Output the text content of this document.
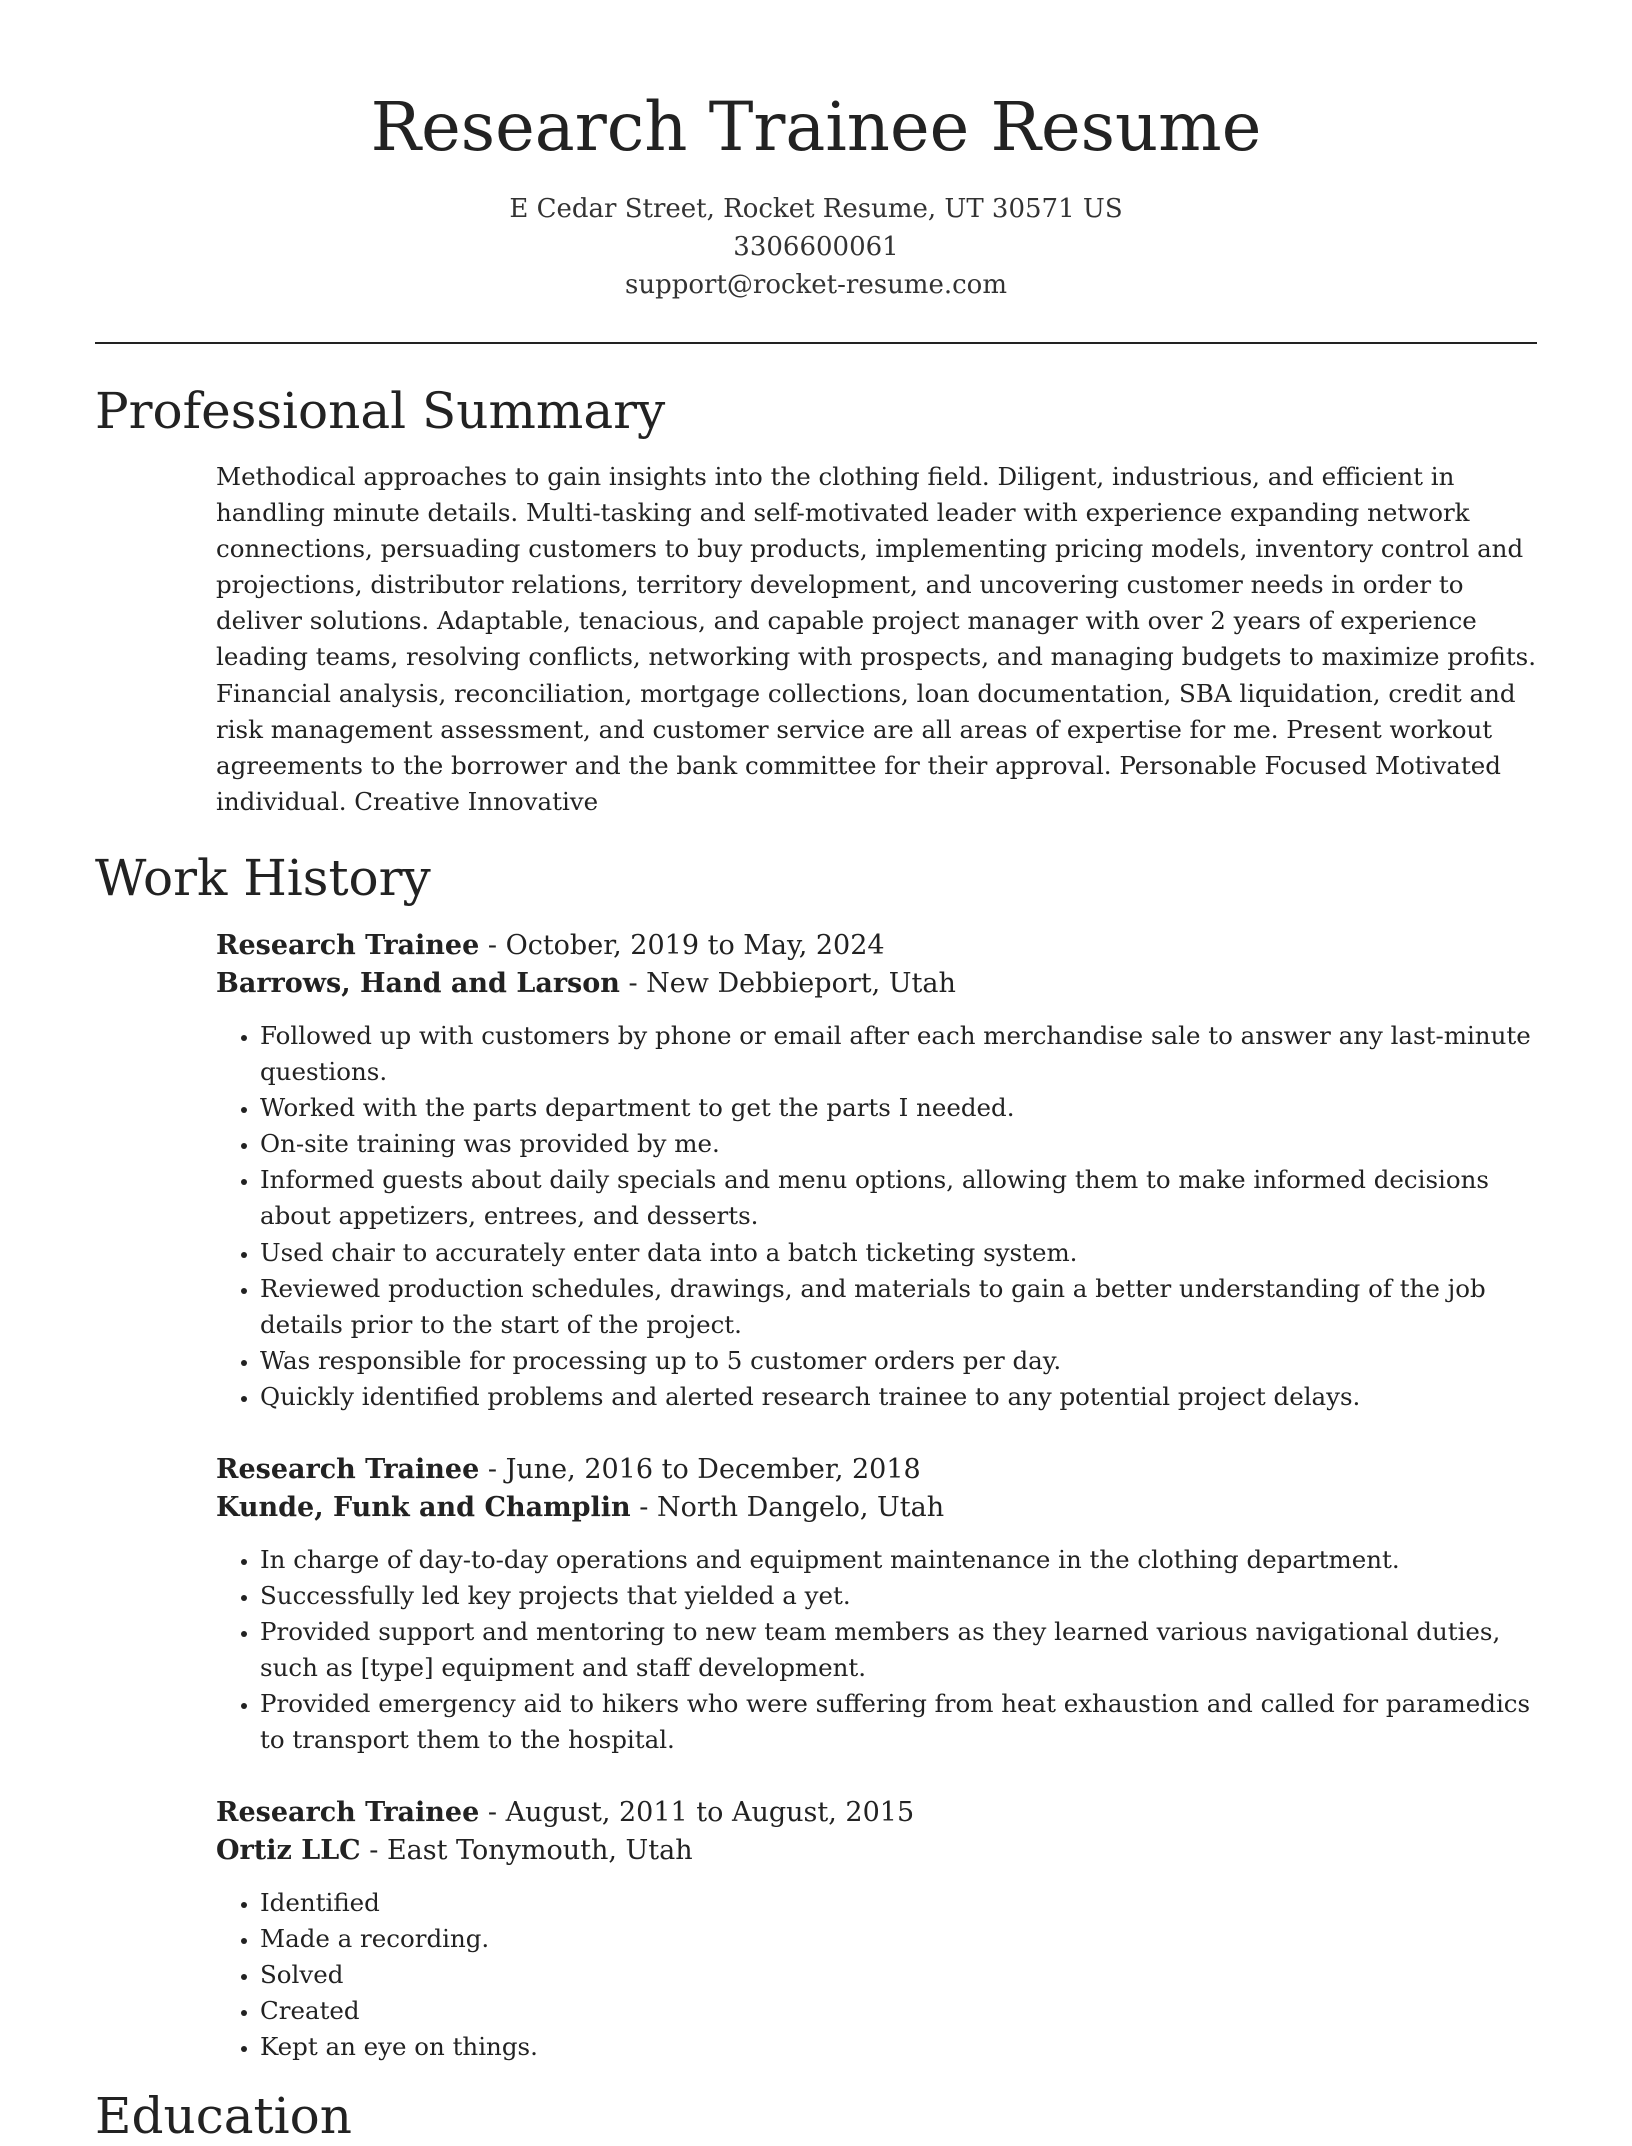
Research Trainee Resume
E Cedar Street, Rocket Resume, UT 30571 US
3306600061
support@rocket-resume.com
Professional Summary

Methodical approaches to gain insights into the clothing field. Diligent, industrious, and efficient in handling minute details. Multi-tasking and self-motivated leader with experience expanding network connections, persuading customers to buy products, implementing pricing models, inventory control and projections, distributor relations, territory development, and uncovering customer needs in order to deliver solutions. Adaptable, tenacious, and capable project manager with over 2 years of experience leading teams, resolving conflicts, networking with prospects, and managing budgets to maximize profits. Financial analysis, reconciliation, mortgage collections, loan documentation, SBA liquidation, credit and risk management assessment, and customer service are all areas of expertise for me. Present workout agreements to the borrower and the bank committee for their approval. Personable Focused Motivated individual. Creative Innovative

Work History
Research Trainee - October, 2019 to May, 2024
Barrows, Hand and Larson - New Debbieport, Utah
• Followed up with customers by phone or email after each merchandise sale to answer any last-minute questions.
• Worked with the parts department to get the parts I needed.
• On-site training was provided by me.
• Informed guests about daily specials and menu options, allowing them to make informed decisions about appetizers, entrees, and desserts.
• Used chair to accurately enter data into a batch ticketing system.
• Reviewed production schedules, drawings, and materials to gain a better understanding of the job details prior to the start of the project.
• Was responsible for processing up to 5 customer orders per day.
• Quickly identified problems and alerted research trainee to any potential project delays.
Research Trainee - June, 2016 to December, 2018
Kunde, Funk and Champlin - North Dangelo, Utah
• In charge of day-to-day operations and equipment maintenance in the clothing department.
• Successfully led key projects that yielded a yet.
• Provided support and mentoring to new team members as they learned various navigational duties, such as [type] equipment and staff development.
• Provided emergency aid to hikers who were suffering from heat exhaustion and called for paramedics to transport them to the hospital.
Research Trainee - August, 2011 to August, 2015
Ortiz LLC - East Tonymouth, Utah
• Identified
• Made a recording.
• Solved
• Created
• Kept an eye on things.
Education
